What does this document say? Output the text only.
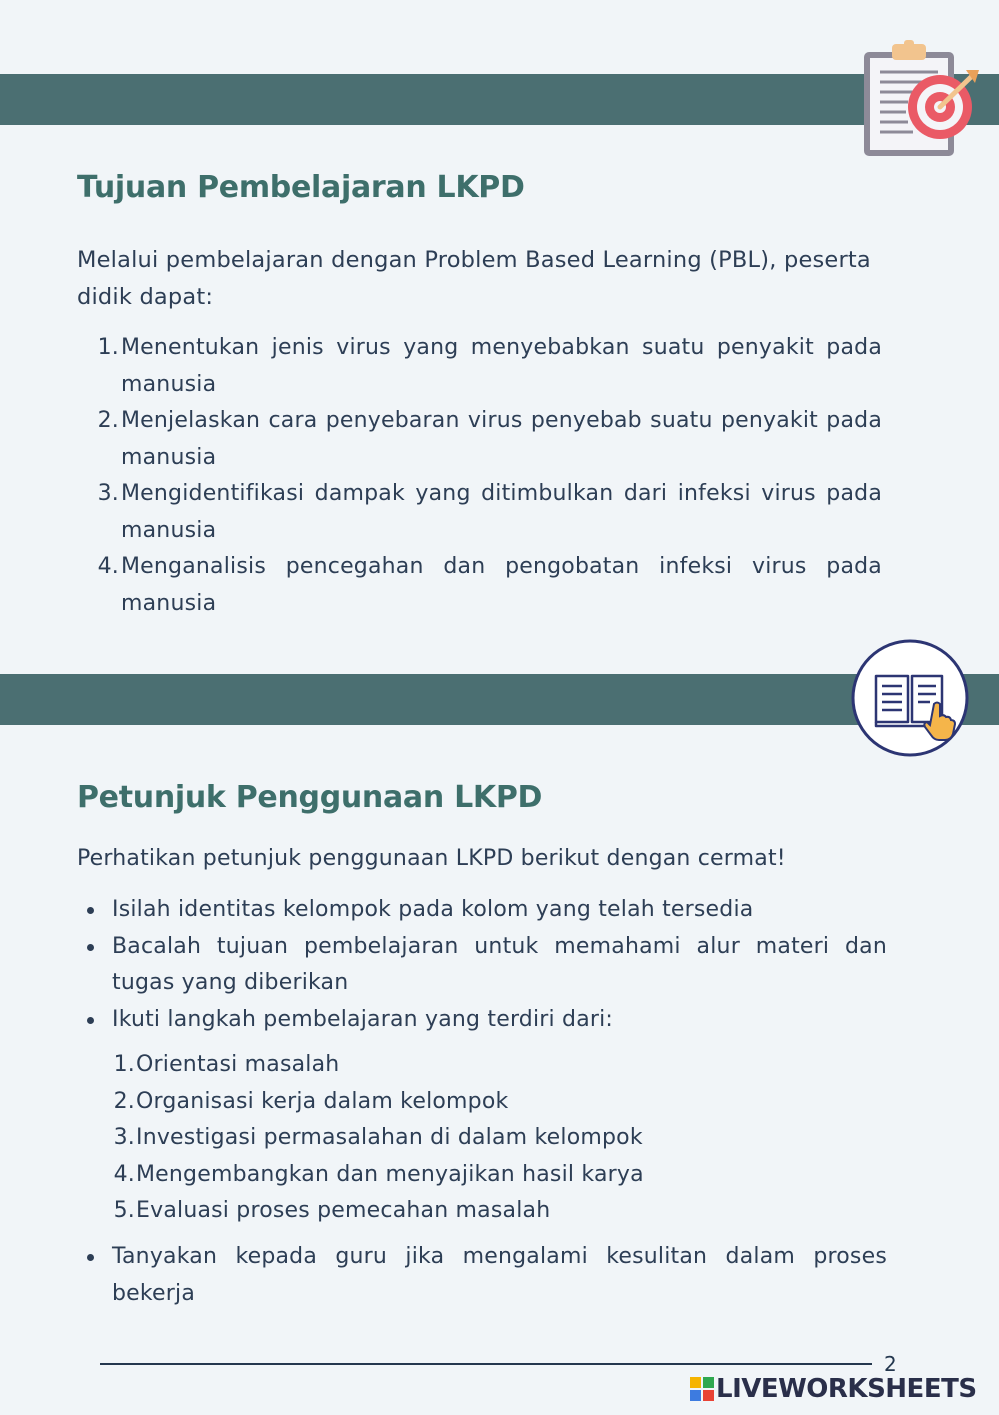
Tujuan Pembelajaran LKPD

Melalui pembelajaran dengan Problem Based Learning (PBL), peserta didik dapat:

1. Menentukan jenis virus yang menyebabkan suatu penyakit pada manusia
2. Menjelaskan cara penyebaran virus penyebab suatu penyakit pada manusia
3. Mengidentifikasi dampak yang ditimbulkan dari infeksi virus pada manusia
4. Menganalisis pencegahan dan pengobatan infeksi virus pada manusia
Petunjuk Penggunaan LKPD

Perhatikan petunjuk penggunaan LKPD berikut dengan cermat!

Isilah identitas kelompok pada kolom yang telah tersedia
Bacalah tujuan pembelajaran untuk memahami alur materi dan tugas yang diberikan
Ikuti langkah pembelajaran yang terdiri dari:
1. Orientasi masalah
2. Organisasi kerja dalam kelompok
3. Investigasi permasalahan di dalam kelompok
4. Mengembangkan dan menyajikan hasil karya
5. Evaluasi proses pemecahan masalah
Tanyakan kepada guru jika mengalami kesulitan dalam proses bekerja
2
LIVEWORKSHEETS
